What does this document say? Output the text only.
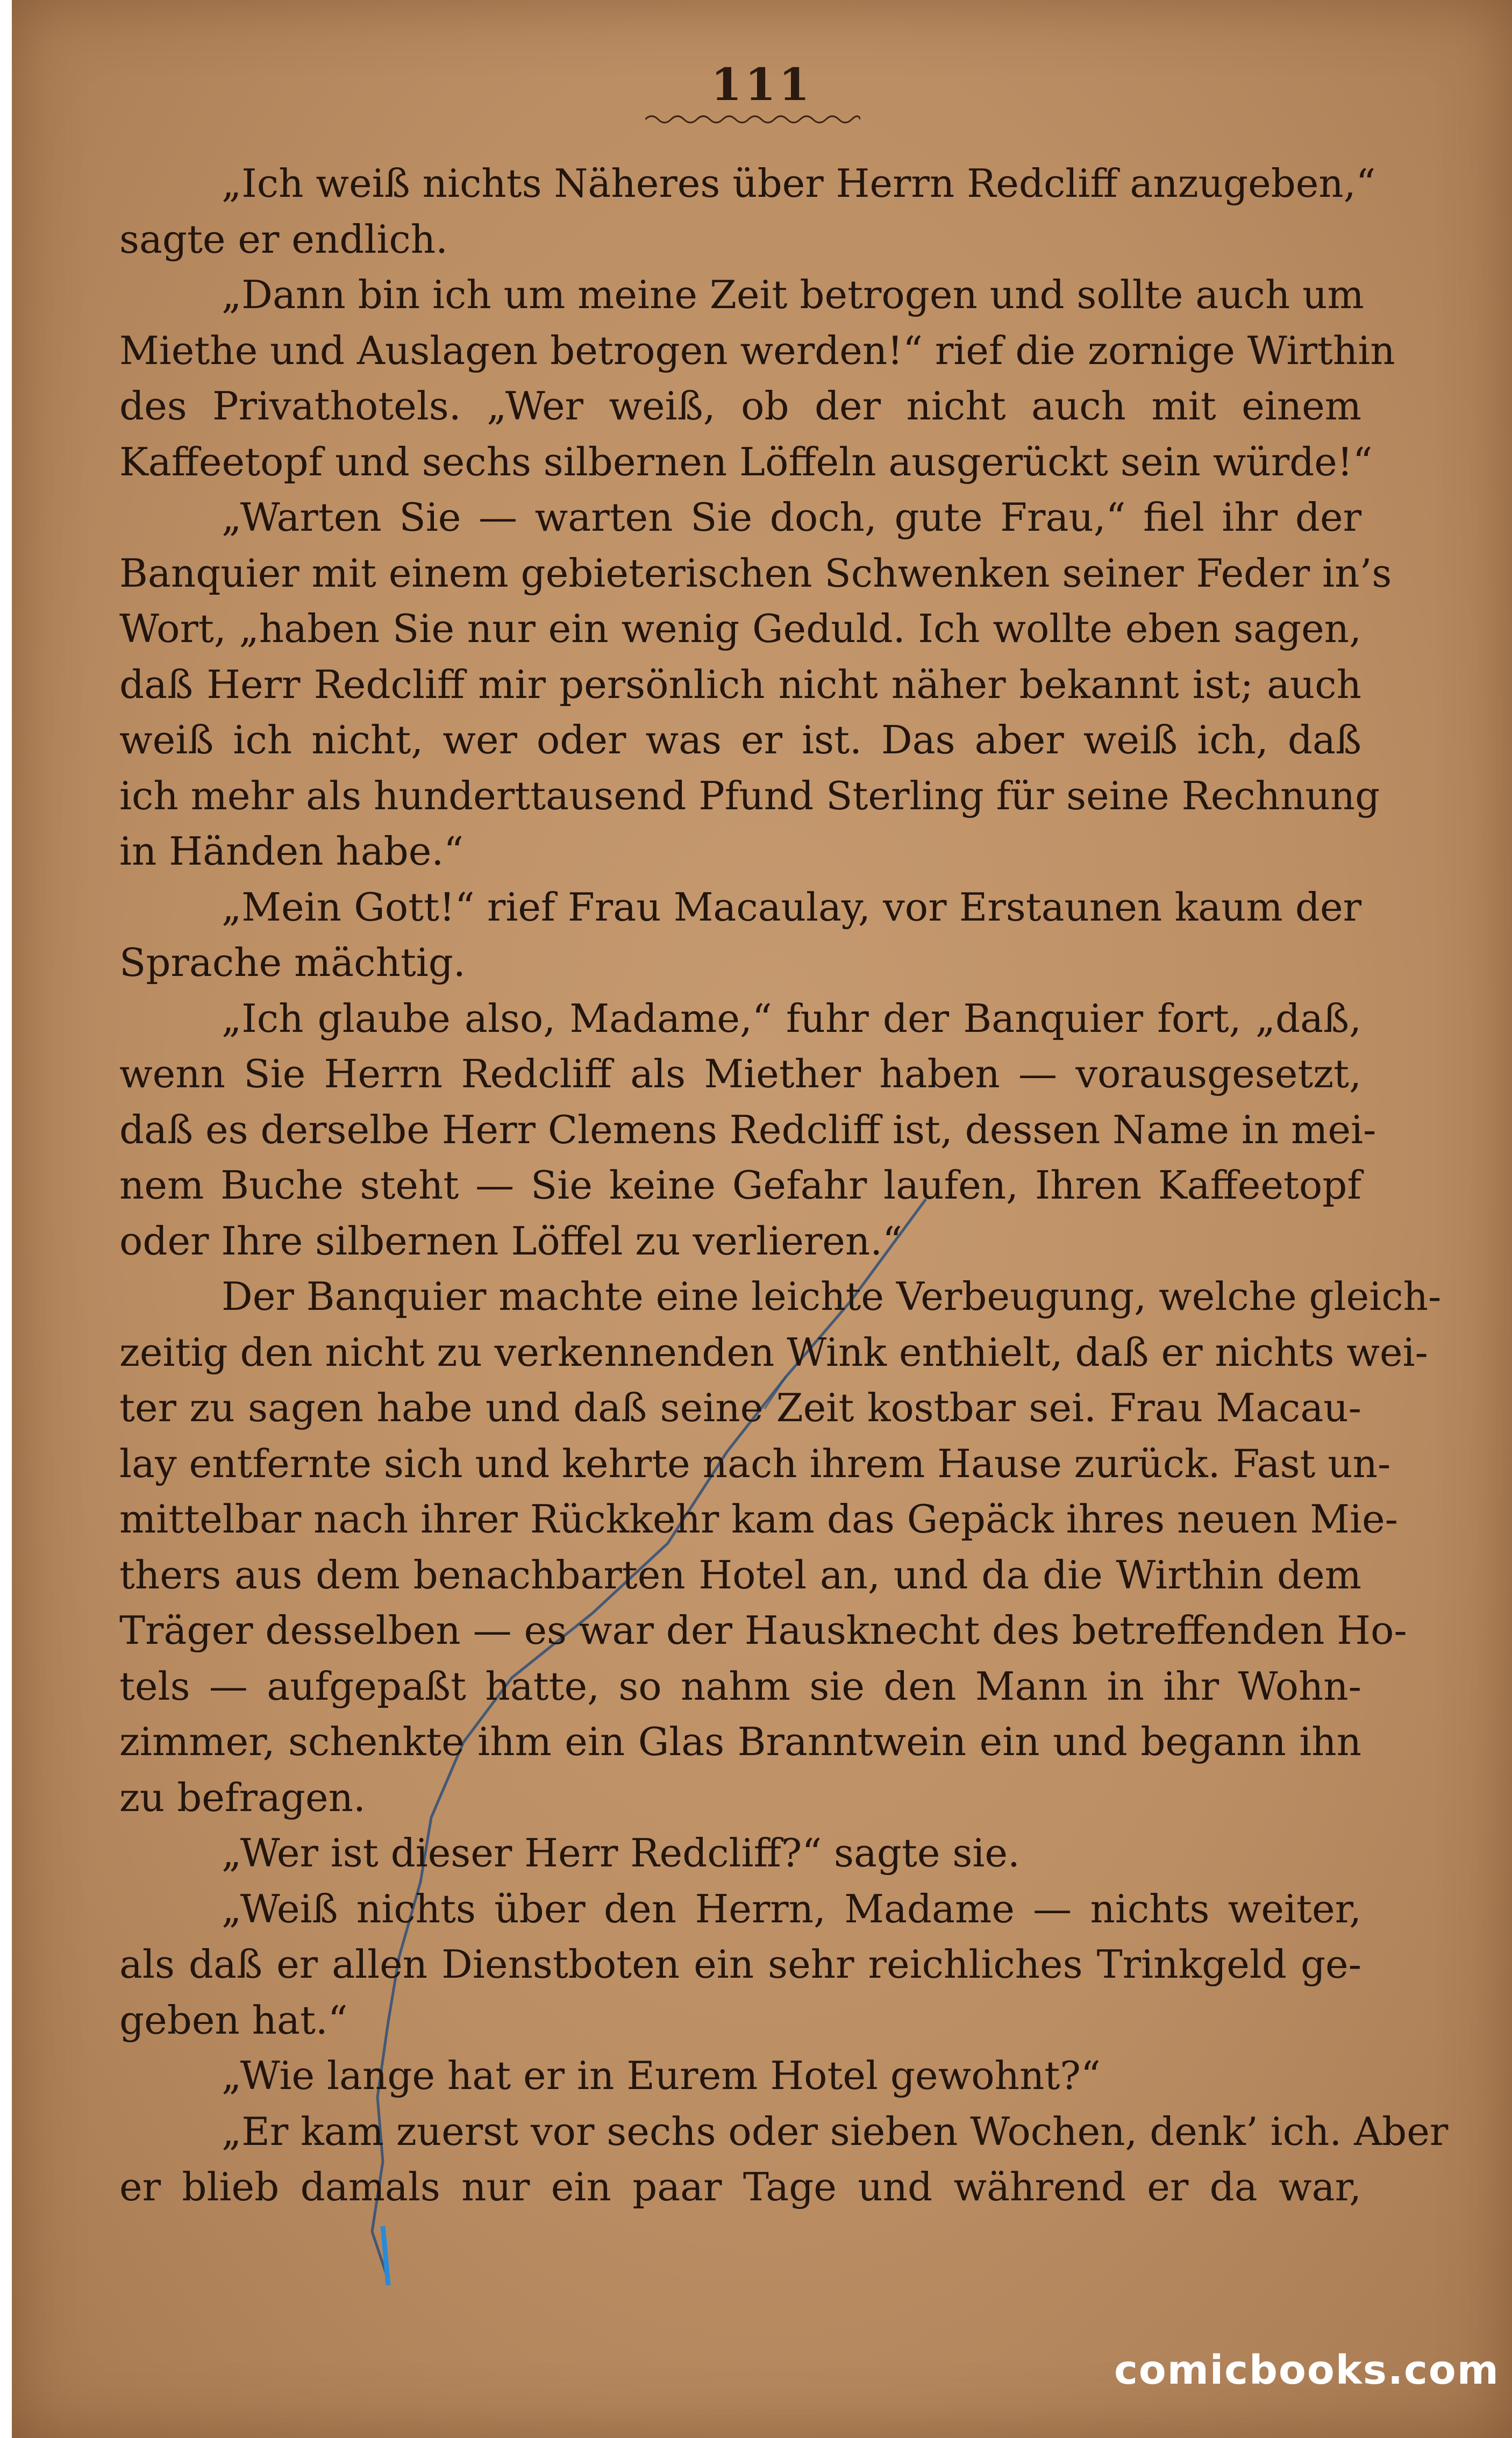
111
„Ich weiß nichts Näheres über Herrn Redcliff anzugeben,“
sagte er endlich.
„Dann bin ich um meine Zeit betrogen und sollte auch um
Miethe und Auslagen betrogen werden!“ rief die zornige Wirthin
des Privathotels. „Wer weiß, ob der nicht auch mit einem
Kaffeetopf und sechs silbernen Löffeln ausgerückt sein würde!“
„Warten Sie — warten Sie doch, gute Frau,“ fiel ihr der
Banquier mit einem gebieterischen Schwenken seiner Feder in’s
Wort, „haben Sie nur ein wenig Geduld. Ich wollte eben sagen,
daß Herr Redcliff mir persönlich nicht näher bekannt ist; auch
weiß ich nicht, wer oder was er ist. Das aber weiß ich, daß
ich mehr als hunderttausend Pfund Sterling für seine Rechnung
in Händen habe.“
„Mein Gott!“ rief Frau Macaulay, vor Erstaunen kaum der
Sprache mächtig.
„Ich glaube also, Madame,“ fuhr der Banquier fort, „daß,
wenn Sie Herrn Redcliff als Miether haben — vorausgesetzt,
daß es derselbe Herr Clemens Redcliff ist, dessen Name in mei-
nem Buche steht — Sie keine Gefahr laufen, Ihren Kaffeetopf
oder Ihre silbernen Löffel zu verlieren.“
Der Banquier machte eine leichte Verbeugung, welche gleich-
zeitig den nicht zu verkennenden Wink enthielt, daß er nichts wei-
ter zu sagen habe und daß seine Zeit kostbar sei. Frau Macau-
lay entfernte sich und kehrte nach ihrem Hause zurück. Fast un-
mittelbar nach ihrer Rückkehr kam das Gepäck ihres neuen Mie-
thers aus dem benachbarten Hotel an, und da die Wirthin dem
Träger desselben — es war der Hausknecht des betreffenden Ho-
tels — aufgepaßt hatte, so nahm sie den Mann in ihr Wohn-
zimmer, schenkte ihm ein Glas Branntwein ein und begann ihn
zu befragen.
„Wer ist dieser Herr Redcliff?“ sagte sie.
„Weiß nichts über den Herrn, Madame — nichts weiter,
als daß er allen Dienstboten ein sehr reichliches Trinkgeld ge-
geben hat.“
„Wie lange hat er in Eurem Hotel gewohnt?“
„Er kam zuerst vor sechs oder sieben Wochen, denk’ ich. Aber
er blieb damals nur ein paar Tage und während er da war,
comicbooks.com
